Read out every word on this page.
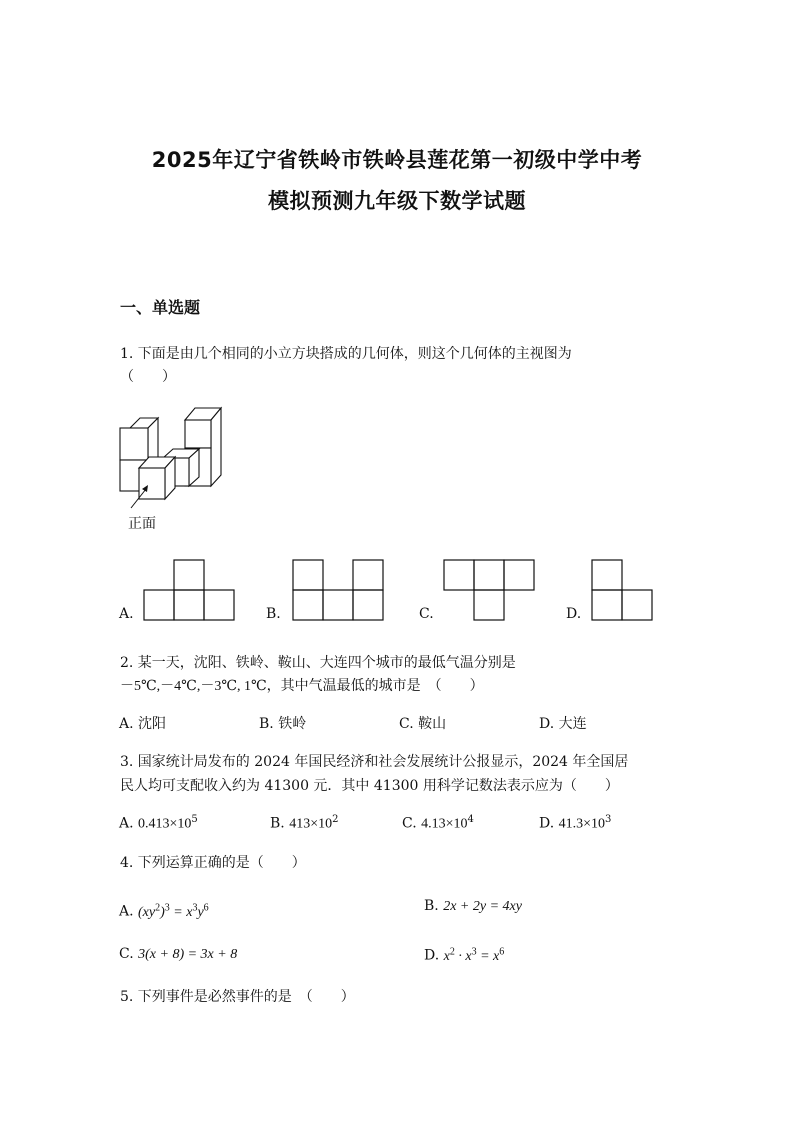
2025年辽宁省铁岭市铁岭县莲花第一初级中学中考
模拟预测九年级下数学试题
一、单选题
1. 下面是由几个相同的小立方块搭成的几何体，则这个几何体的主视图为
（　　）
正面
A.	B.	C.	D.
2. 某一天，沈阳、铁岭、鞍山、大连四个城市的最低气温分别是
－5℃,－4℃,－3℃, 1℃，其中气温最低的城市是　（　　）
A. 沈阳	B. 铁岭	C. 鞍山	D. 大连
3. 国家统计局发布的 2024 年国民经济和社会发展统计公报显示，2024 年全国居
民人均可支配收入约为 41300 元．其中 41300 用科学记数法表示应为（　　）
A. $0.413\times 10^5$	B. $413\times 10^2$	C. $4.13\times 10^4$	D. $41.3\times 10^3$
4. 下列运算正确的是（　　）
A. $(xy^2)^3 = x^3y^6$	B. 2x + 2y = 4xy
C. 3(x + 8) = 3x + 8	D. $x^2 \cdot x^3 = x^6$
5. 下列事件是必然事件的是　（　　）
